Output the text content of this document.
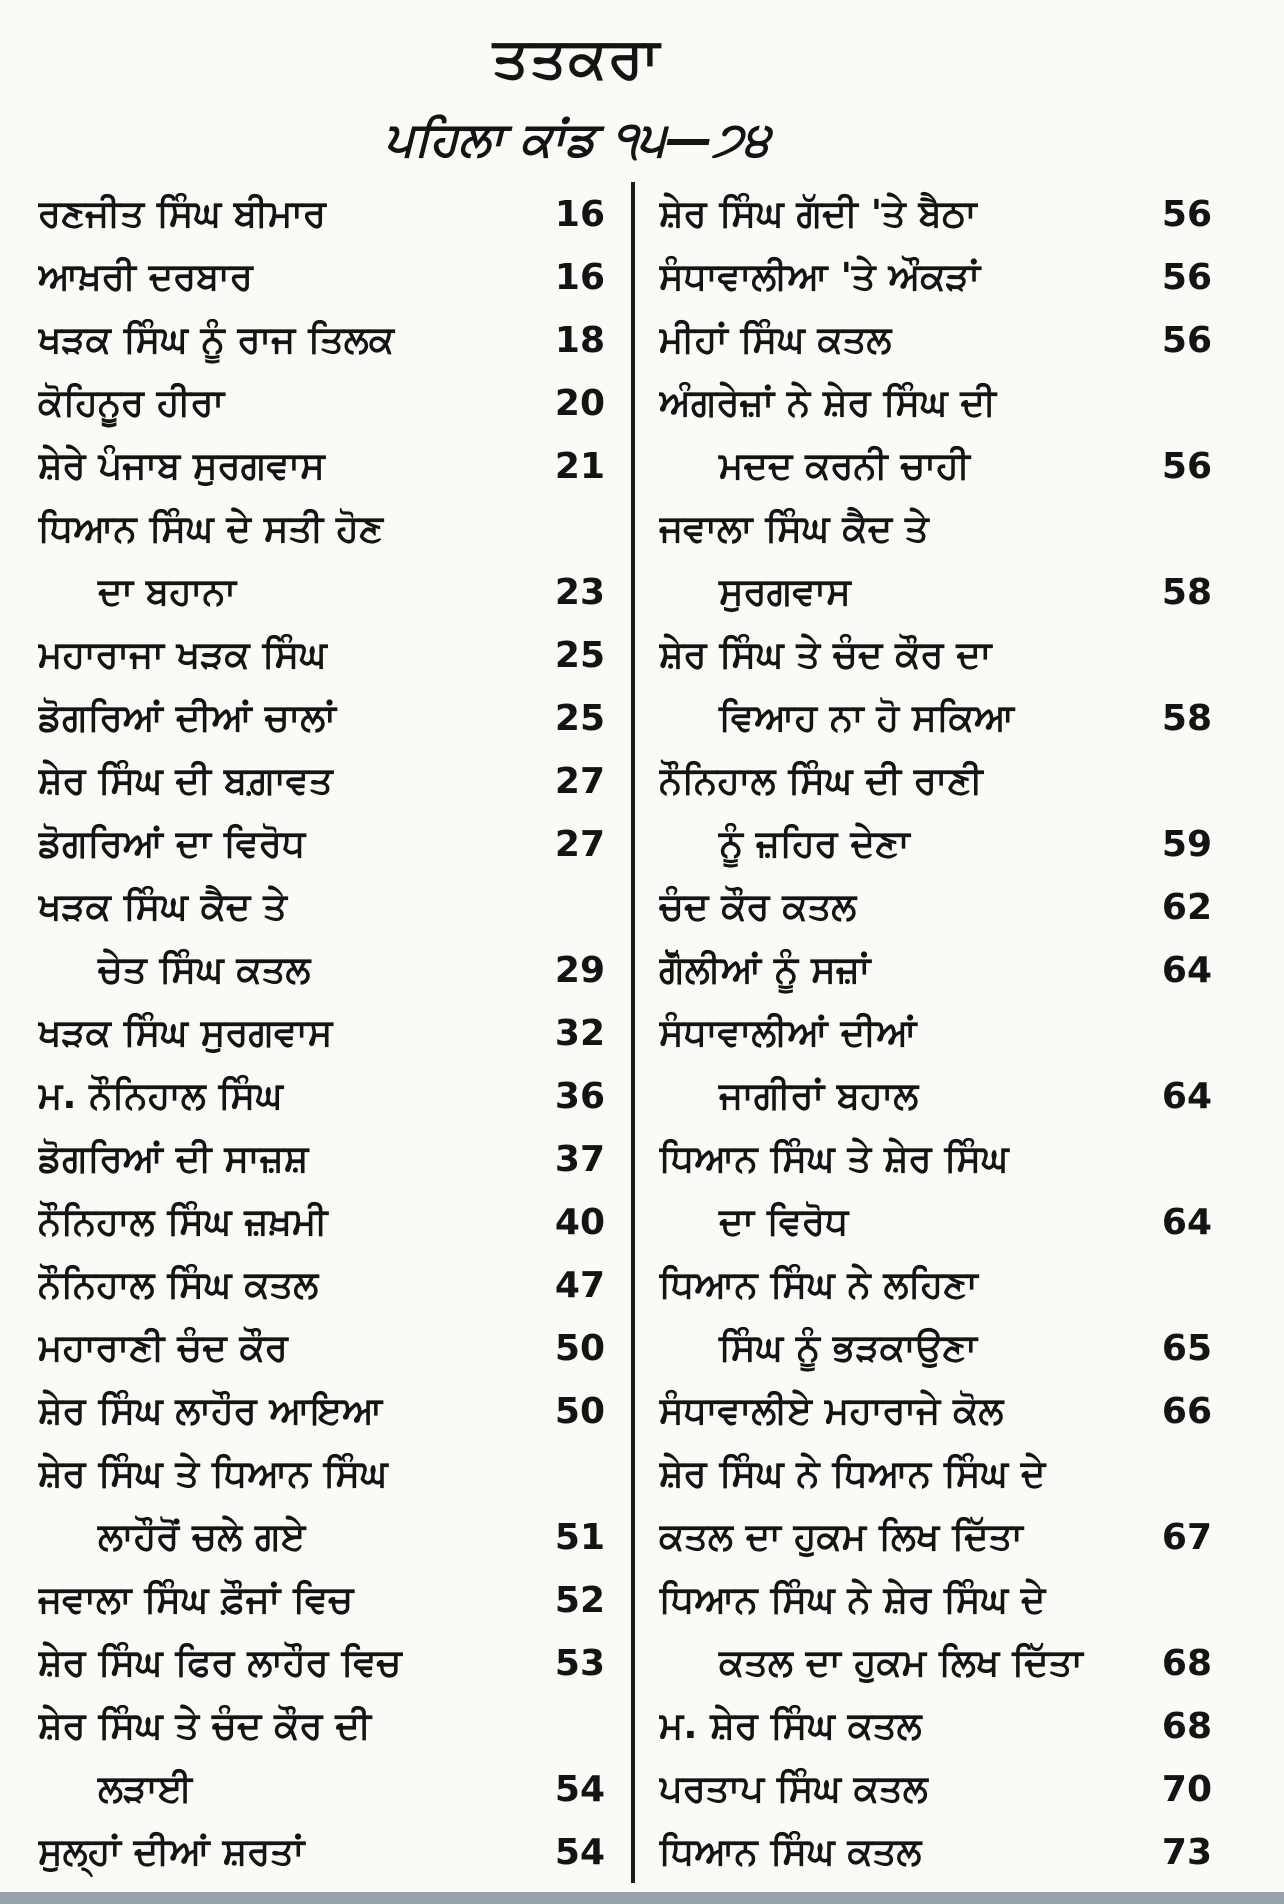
ਤਤਕਰਾ
ਪਹਿਲਾ ਕਾਂਡ ੧੫—੭੪
ਰਣਜੀਤ ਸਿੰਘ ਬੀਮਾਰ	16
ਆਖ਼ਰੀ ਦਰਬਾਰ	16
ਖੜਕ ਸਿੰਘ ਨੂੰ ਰਾਜ ਤਿਲਕ	18
ਕੋਹਿਨੂਰ ਹੀਰਾ	20
ਸ਼ੇਰੇ ਪੰਜਾਬ ਸੁਰਗਵਾਸ	21
ਧਿਆਨ ਸਿੰਘ ਦੇ ਸਤੀ ਹੋਣ
ਦਾ ਬਹਾਨਾ	23
ਮਹਾਰਾਜਾ ਖੜਕ ਸਿੰਘ	25
ਡੋਗਰਿਆਂ ਦੀਆਂ ਚਾਲਾਂ	25
ਸ਼ੇਰ ਸਿੰਘ ਦੀ ਬਗ਼ਾਵਤ	27
ਡੋਗਰਿਆਂ ਦਾ ਵਿਰੋਧ	27
ਖੜਕ ਸਿੰਘ ਕੈਦ ਤੇ
ਚੇਤ ਸਿੰਘ ਕਤਲ	29
ਖੜਕ ਸਿੰਘ ਸੁਰਗਵਾਸ	32
ਮ. ਨੌਨਿਹਾਲ ਸਿੰਘ	36
ਡੋਗਰਿਆਂ ਦੀ ਸਾਜ਼ਸ਼	37
ਨੌਨਿਹਾਲ ਸਿੰਘ ਜ਼ਖ਼ਮੀ	40
ਨੌਨਿਹਾਲ ਸਿੰਘ ਕਤਲ	47
ਮਹਾਰਾਣੀ ਚੰਦ ਕੌਰ	50
ਸ਼ੇਰ ਸਿੰਘ ਲਾਹੌਰ ਆਇਆ	50
ਸ਼ੇਰ ਸਿੰਘ ਤੇ ਧਿਆਨ ਸਿੰਘ
ਲਾਹੌਰੋਂ ਚਲੇ ਗਏ	51
ਜਵਾਲਾ ਸਿੰਘ ਫ਼ੌਜਾਂ ਵਿਚ	52
ਸ਼ੇਰ ਸਿੰਘ ਫਿਰ ਲਾਹੌਰ ਵਿਚ	53
ਸ਼ੇਰ ਸਿੰਘ ਤੇ ਚੰਦ ਕੌਰ ਦੀ
ਲੜਾਈ	54
ਸੁਲ੍ਹਾਂ ਦੀਆਂ ਸ਼ਰਤਾਂ	54
ਸ਼ੇਰ ਸਿੰਘ ਗੱਦੀ 'ਤੇ ਬੈਠਾ	56
ਸੰਧਾਵਾਲੀਆ 'ਤੇ ਔਕੜਾਂ	56
ਮੀਹਾਂ ਸਿੰਘ ਕਤਲ	56
ਅੰਗਰੇਜ਼ਾਂ ਨੇ ਸ਼ੇਰ ਸਿੰਘ ਦੀ
ਮਦਦ ਕਰਨੀ ਚਾਹੀ	56
ਜਵਾਲਾ ਸਿੰਘ ਕੈਦ ਤੇ
ਸੁਰਗਵਾਸ	58
ਸ਼ੇਰ ਸਿੰਘ ਤੇ ਚੰਦ ਕੌਰ ਦਾ
ਵਿਆਹ ਨਾ ਹੋ ਸਕਿਆ	58
ਨੌਨਿਹਾਲ ਸਿੰਘ ਦੀ ਰਾਣੀ
ਨੂੰ ਜ਼ਹਿਰ ਦੇਣਾ	59
ਚੰਦ ਕੌਰ ਕਤਲ	62
ਗੋੱਲੀਆਂ ਨੂੰ ਸਜ਼ਾਂ	64
ਸੰਧਾਵਾਲੀਆਂ ਦੀਆਂ
ਜਾਗੀਰਾਂ ਬਹਾਲ	64
ਧਿਆਨ ਸਿੰਘ ਤੇ ਸ਼ੇਰ ਸਿੰਘ
ਦਾ ਵਿਰੋਧ	64
ਧਿਆਨ ਸਿੰਘ ਨੇ ਲਹਿਣਾ
ਸਿੰਘ ਨੂੰ ਭੜਕਾਉਣਾ	65
ਸੰਧਾਵਾਲੀਏ ਮਹਾਰਾਜੇ ਕੋਲ	66
ਸ਼ੇਰ ਸਿੰਘ ਨੇ ਧਿਆਨ ਸਿੰਘ ਦੇ
ਕਤਲ ਦਾ ਹੁਕਮ ਲਿਖ ਦਿੱਤਾ	67
ਧਿਆਨ ਸਿੰਘ ਨੇ ਸ਼ੇਰ ਸਿੰਘ ਦੇ
ਕਤਲ ਦਾ ਹੁਕਮ ਲਿਖ ਦਿੱਤਾ	68
ਮ. ਸ਼ੇਰ ਸਿੰਘ ਕਤਲ	68
ਪਰਤਾਪ ਸਿੰਘ ਕਤਲ	70
ਧਿਆਨ ਸਿੰਘ ਕਤਲ	73
